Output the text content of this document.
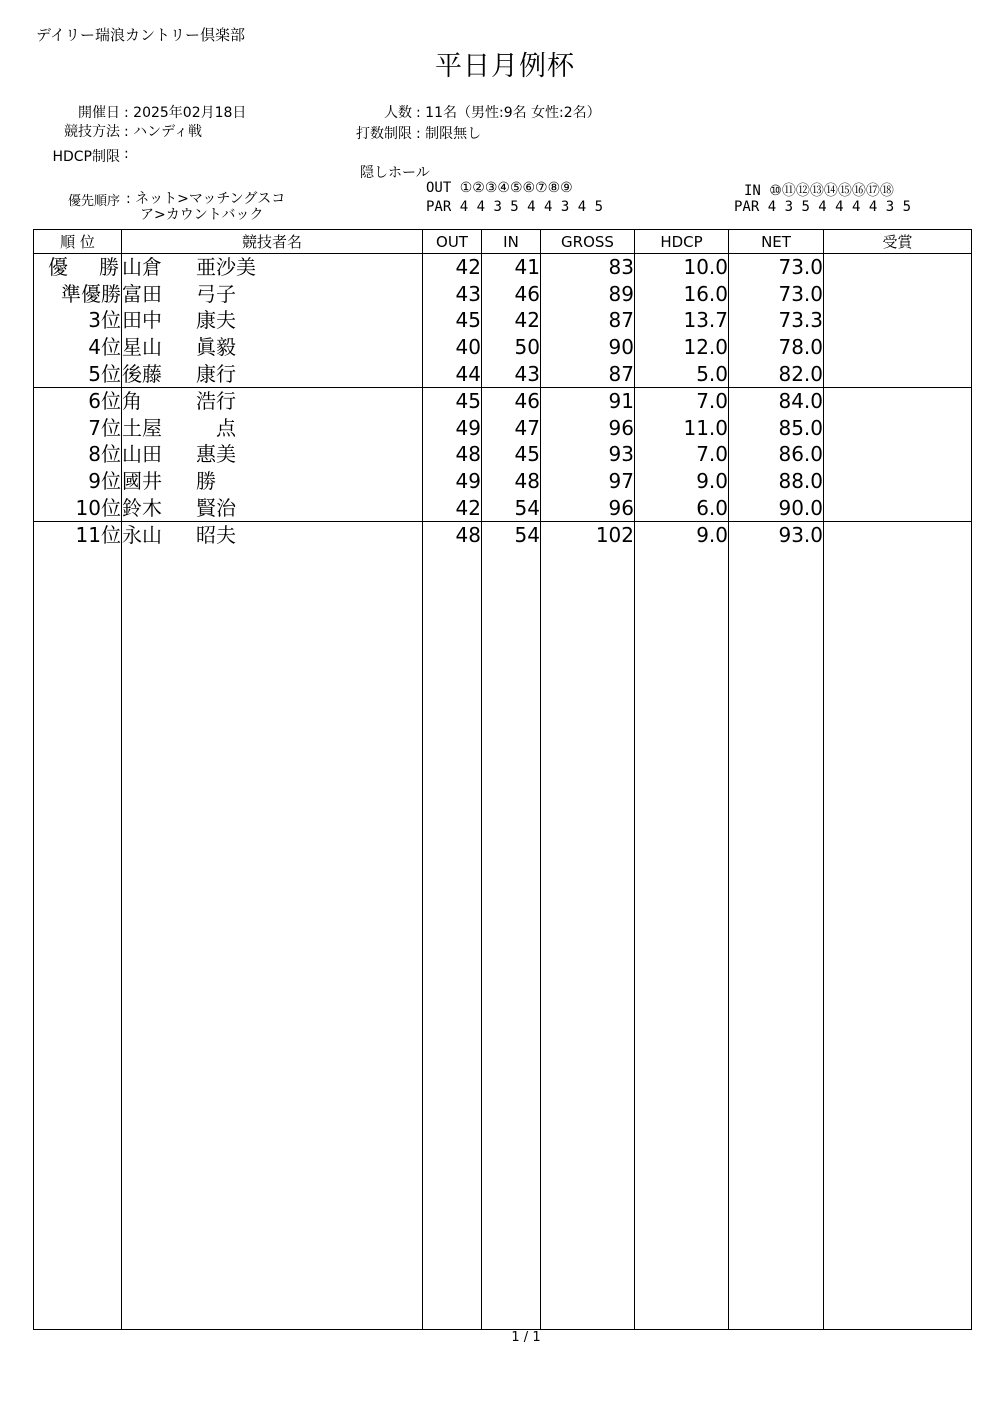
デイリー瑞浪カントリー倶楽部
平日月例杯
開催日 : 2025年02月18日
競技方法 : ハンディ戦
HDCP制限 :
優先順序 : ネット>マッチングスコ
ア>カウントバック
人数 : 11名（男性:9名 女性:2名）
打数制限 : 制限無し
隠しホール
OUT ①②③④⑤⑥⑦⑧⑨
PAR 4 4 3 5 4 4 3 4 5
IN ⑩⑪⑫⑬⑭⑮⑯⑰⑱
PAR 4 3 5 4 4 4 4 3 5
順 位	競技者名	OUT	IN	GROSS	HDCP	NET	受賞
優 勝	山倉 亜沙美	42	41	83	10.0	73.0	
準優勝	富田 弓子	43	46	89	16.0	73.0	
3位	田中 康夫	45	42	87	13.7	73.3	
4位	星山 眞毅	40	50	90	12.0	78.0	
5位	後藤 康行	44	43	87	5.0	82.0	
6位	角 浩行	45	46	91	7.0	84.0	
7位	土屋 点	49	47	96	11.0	85.0	
8位	山田 惠美	48	45	93	7.0	86.0	
9位	國井 勝	49	48	97	9.0	88.0	
10位	鈴木 賢治	42	54	96	6.0	90.0	
11位	永山 昭夫	48	54	102	9.0	93.0	

1 / 1
